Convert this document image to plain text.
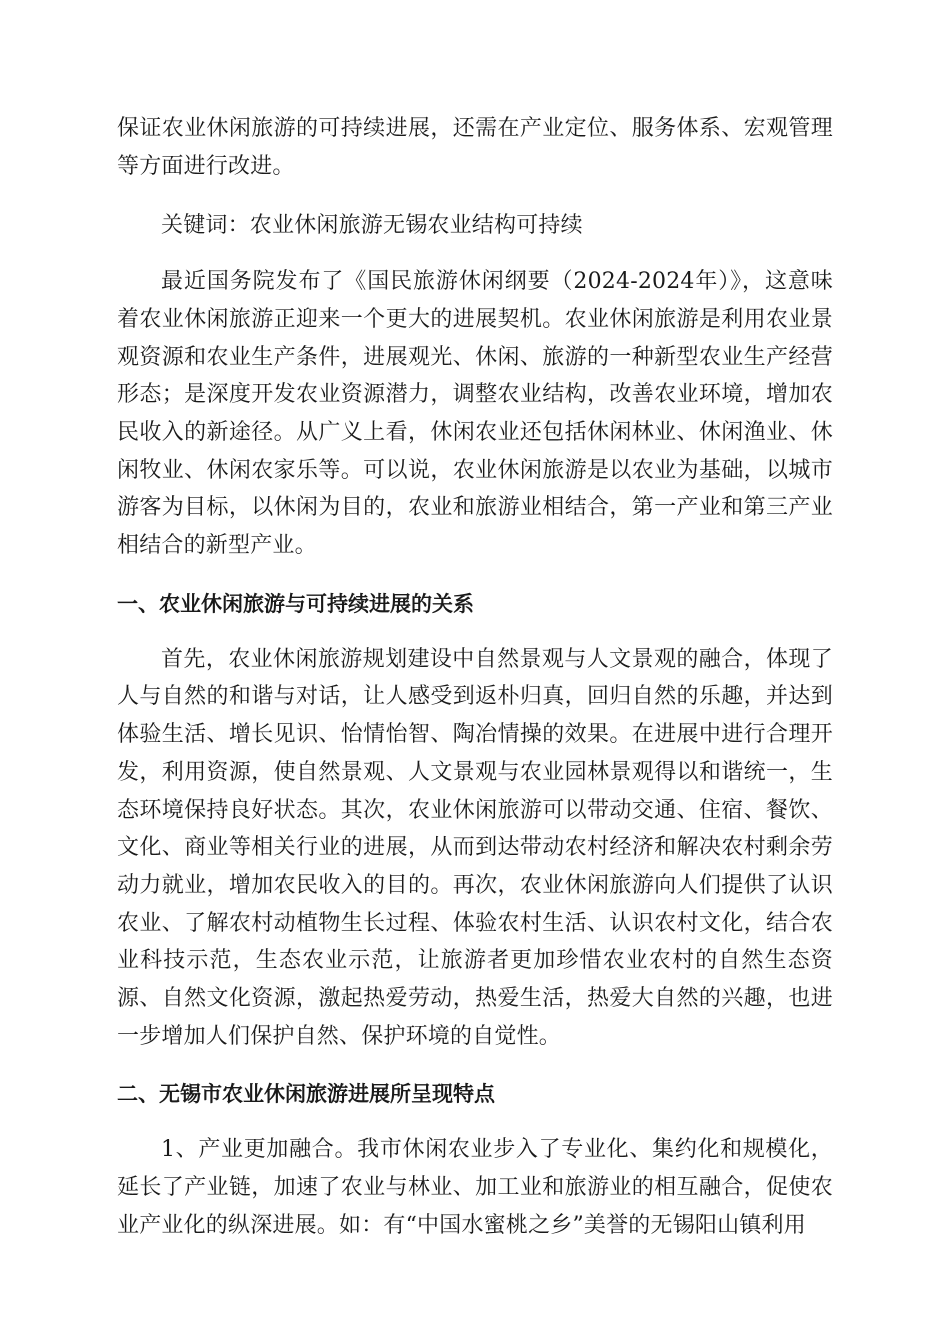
保证农业休闲旅游的可持续进展，还需在产业定位、服务体系、宏观管理等方面进行改进。

关键词：农业休闲旅游无锡农业结构可持续

最近国务院发布了《国民旅游休闲纲要（2024-2024年）》，这意味着农业休闲旅游正迎来一个更大的进展契机。农业休闲旅游是利用农业景观资源和农业生产条件，进展观光、休闲、旅游的一种新型农业生产经营形态；是深度开发农业资源潜力，调整农业结构，改善农业环境，增加农民收入的新途径。从广义上看，休闲农业还包括休闲林业、休闲渔业、休闲牧业、休闲农家乐等。可以说，农业休闲旅游是以农业为基础，以城市游客为目标，以休闲为目的，农业和旅游业相结合，第一产业和第三产业相结合的新型产业。

一、农业休闲旅游与可持续进展的关系

首先，农业休闲旅游规划建设中自然景观与人文景观的融合，体现了人与自然的和谐与对话，让人感受到返朴归真，回归自然的乐趣，并达到体验生活、增长见识、怡情怡智、陶冶情操的效果。在进展中进行合理开发，利用资源，使自然景观、人文景观与农业园林景观得以和谐统一，生态环境保持良好状态。其次，农业休闲旅游可以带动交通、住宿、餐饮、文化、商业等相关行业的进展，从而到达带动农村经济和解决农村剩余劳动力就业，增加农民收入的目的。再次，农业休闲旅游向人们提供了认识农业、了解农村动植物生长过程、体验农村生活、认识农村文化，结合农业科技示范，生态农业示范，让旅游者更加珍惜农业农村的自然生态资源、自然文化资源，激起热爱劳动，热爱生活，热爱大自然的兴趣，也进一步增加人们保护自然、保护环境的自觉性。

二、无锡市农业休闲旅游进展所呈现特点

1、产业更加融合。我市休闲农业步入了专业化、集约化和规模化，延长了产业链，加速了农业与林业、加工业和旅游业的相互融合，促使农业产业化的纵深进展。如：有“中国水蜜桃之乡”美誉的无锡阳山镇利用
